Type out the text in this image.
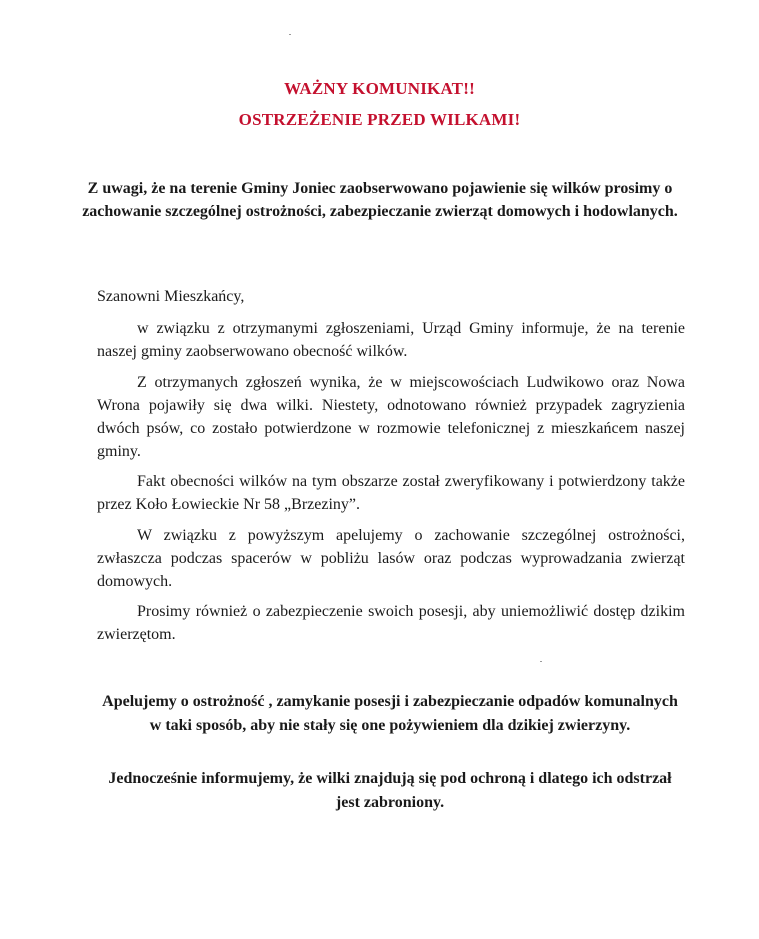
WAŻNY KOMUNIKAT!!
OSTRZEŻENIE PRZED WILKAMI!
Z uwagi, że na terenie Gminy Joniec zaobserwowano pojawienie się wilków prosimy o zachowanie szczególnej ostrożności, zabezpieczanie zwierząt domowych i hodowlanych.
Szanowni Mieszkańcy,

w związku z otrzymanymi zgłoszeniami, Urząd Gminy informuje, że na terenie naszej gminy zaobserwowano obecność wilków.

Z otrzymanych zgłoszeń wynika, że w miejscowościach Ludwikowo oraz Nowa Wrona pojawiły się dwa wilki. Niestety, odnotowano również przypadek zagryzienia dwóch psów, co zostało potwierdzone w rozmowie telefonicznej z mieszkańcem naszej gminy.

Fakt obecności wilków na tym obszarze został zweryfikowany i potwierdzony także przez Koło Łowieckie Nr 58 „Brzeziny”.

W związku z powyższym apelujemy o zachowanie szczególnej ostrożności, zwłaszcza podczas spacerów w pobliżu lasów oraz podczas wyprowadzania zwierząt domowych.

Prosimy również o zabezpieczenie swoich posesji, aby uniemożliwić dostęp dzikim zwierzętom.

Apelujemy o ostrożność , zamykanie posesji i zabezpieczanie odpadów komunalnych w taki sposób, aby nie stały się one pożywieniem dla dzikiej zwierzyny.

Jednocześnie informujemy, że wilki znajdują się pod ochroną i dlatego ich odstrzał jest zabroniony.
